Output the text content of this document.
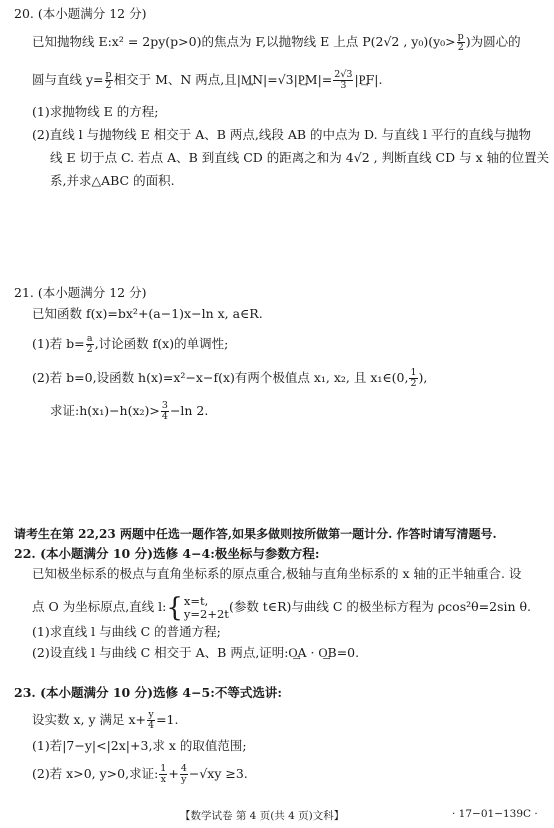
20. (本小题满分 12 分)
已知抛物线 E:x² = 2py(p>0)的焦点为 F,以抛物线 E 上点 P(2√2 , $y_0)(y_0> \frac{p}{2}$ )为圆心的
圆与直线 $y= \frac{p}{2}$ 相交于 M、N 两点,且|M͢N|=√3|P͢M|= $\frac{2√3}{3}$ |P͢F|.
(1)求抛物线 E 的方程;
(2)直线 l 与抛物线 E 相交于 A、B 两点,线段 AB 的中点为 D. 与直线 l 平行的直线与抛物
线 E 切于点 C. 若点 A、B 到直线 CD 的距离之和为 4√2 , 判断直线 CD 与 x 轴的位置关
系,并求△ABC 的面积.
21. (本小题满分 12 分)
已知函数 f(x)=bx²+(a−1)x−ln x, a∈R.
(1)若 $b= \frac{a}{2}$ ,讨论函数 f(x)的单调性;
(2)若 b=0,设函数 h(x)=x²−x−f(x)有两个极值点 x₁, x₂, 且 x₁∈(0, $\frac{1}{2}$ ),
求证:h(x₁)−h(x₂)> $\frac{3}{4} -\ln$ 2.
请考生在第 22,23 两题中任选一题作答,如果多做则按所做第一题计分. 作答时请写清题号.
22. (本小题满分 10 分)选修 4−4:极坐标与参数方程:
已知极坐标系的极点与直角坐标系的原点重合,极轴与直角坐标系的 x 轴的正半轴重合. 设
点 O 为坐标原点,直线 l:{ x=t,
y=2+2t (参数 t∈R)与曲线 C 的极坐标方程为 ρcos²θ=2sin θ.
(1)求直线 l 与曲线 C 的普通方程;
(2)设直线 l 与曲线 C 相交于 A、B 两点,证明:O͢A · O͢B=0.
23. (本小题满分 10 分)选修 4−5:不等式选讲:
设实数 x, y 满足 $x+ \frac{y}{4} =1$.
(1)若|7−y|<|2x|+3,求 x 的取值范围;
(2)若 x>0, y>0,求证: $\frac{1}{x} + \frac{4}{y} -√xy \ge 3$.
【数学试卷 第 4 页(共 4 页)文科】	· 17−01−139C ·
